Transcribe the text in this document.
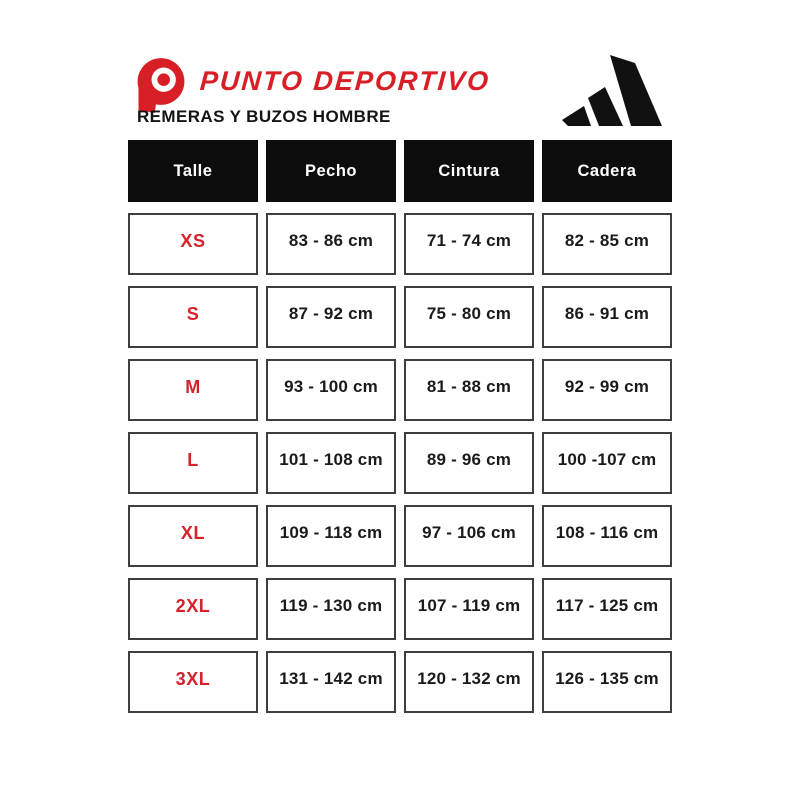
PUNTO DEPORTIVO
REMERAS Y BUZOS HOMBRE
Talle	Pecho	Cintura	Cadera
XS	83 - 86 cm	71 - 74 cm	82 - 85 cm
S	87 - 92 cm	75 - 80 cm	86 - 91 cm
M	93 - 100 cm	81 - 88 cm	92 - 99 cm
L	101 - 108 cm	89 - 96 cm	100 -107 cm
XL	109 - 118 cm	97 - 106 cm	108 - 116 cm
2XL	119 - 130 cm	107 - 119 cm	117 - 125 cm
3XL	131 - 142 cm	120 - 132 cm	126 - 135 cm
